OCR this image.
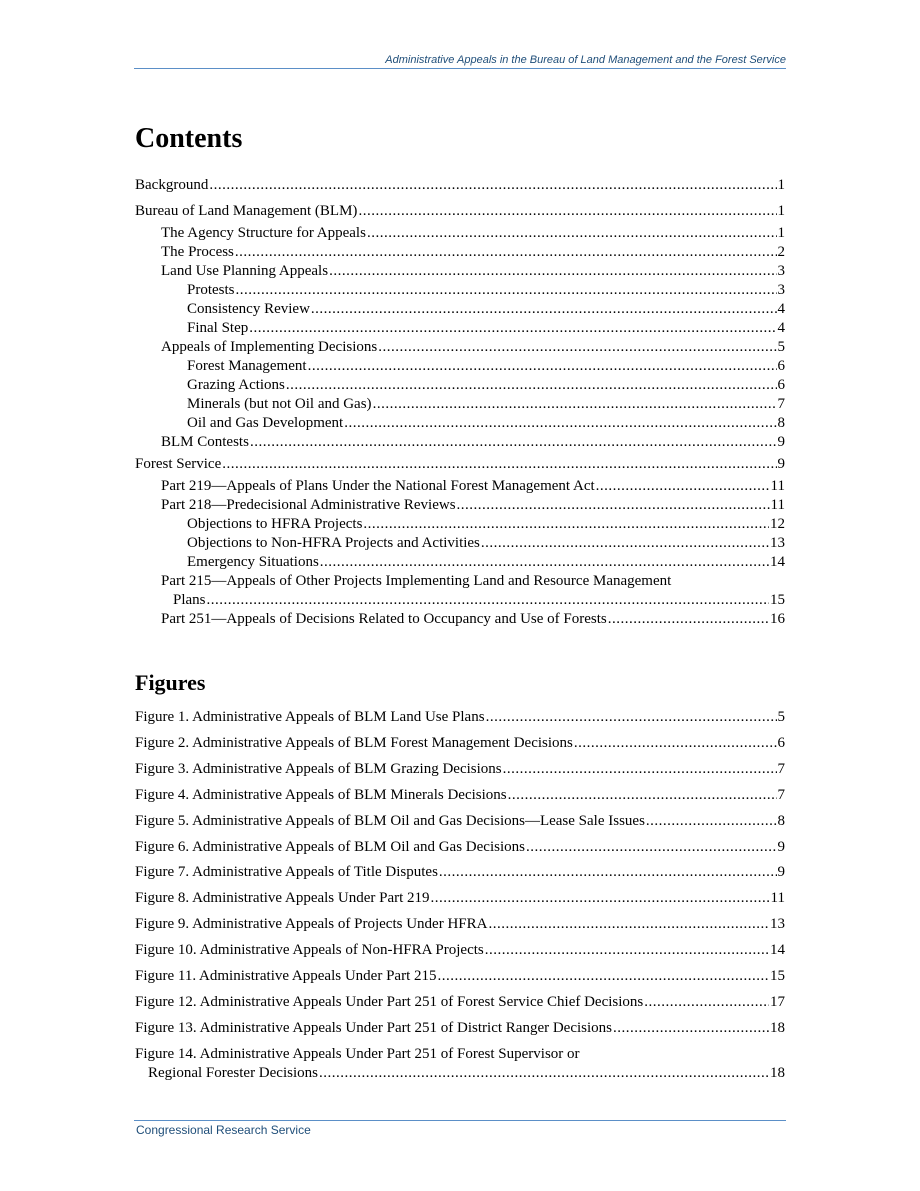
Administrative Appeals in the Bureau of Land Management and the Forest Service
Contents
Background .....	1
Bureau of Land Management (BLM) .....	1
The Agency Structure for Appeals .....	1
The Process .....	2
Land Use Planning Appeals .....	3
Protests .....	3
Consistency Review .....	4
Final Step .....	4
Appeals of Implementing Decisions .....	5
Forest Management .....	6
Grazing Actions .....	6
Minerals (but not Oil and Gas) .....	7
Oil and Gas Development .....	8
BLM Contests .....	9
Forest Service .....	9
Part 219—Appeals of Plans Under the National Forest Management Act .....	11
Part 218—Predecisional Administrative Reviews .....	11
Objections to HFRA Projects .....	12
Objections to Non-HFRA Projects and Activities .....	13
Emergency Situations .....	14
Part 215—Appeals of Other Projects Implementing Land and Resource Management
Plans .....	15
Part 251—Appeals of Decisions Related to Occupancy and Use of Forests .....	16
Figures
Figure 1. Administrative Appeals of BLM Land Use Plans .....	5
Figure 2. Administrative Appeals of BLM Forest Management Decisions .....	6
Figure 3. Administrative Appeals of BLM Grazing Decisions .....	7
Figure 4. Administrative Appeals of BLM Minerals Decisions .....	7
Figure 5. Administrative Appeals of BLM Oil and Gas Decisions—Lease Sale Issues .....	8
Figure 6. Administrative Appeals of BLM Oil and Gas Decisions .....	9
Figure 7. Administrative Appeals of Title Disputes .....	9
Figure 8. Administrative Appeals Under Part 219 .....	11
Figure 9. Administrative Appeals of Projects Under HFRA .....	13
Figure 10. Administrative Appeals of Non-HFRA Projects .....	14
Figure 11. Administrative Appeals Under Part 215 .....	15
Figure 12. Administrative Appeals Under Part 251 of Forest Service Chief Decisions .....	17
Figure 13. Administrative Appeals Under Part 251 of District Ranger Decisions .....	18
Figure 14. Administrative Appeals Under Part 251 of Forest Supervisor or
Regional Forester Decisions .....	18
Congressional Research Service
